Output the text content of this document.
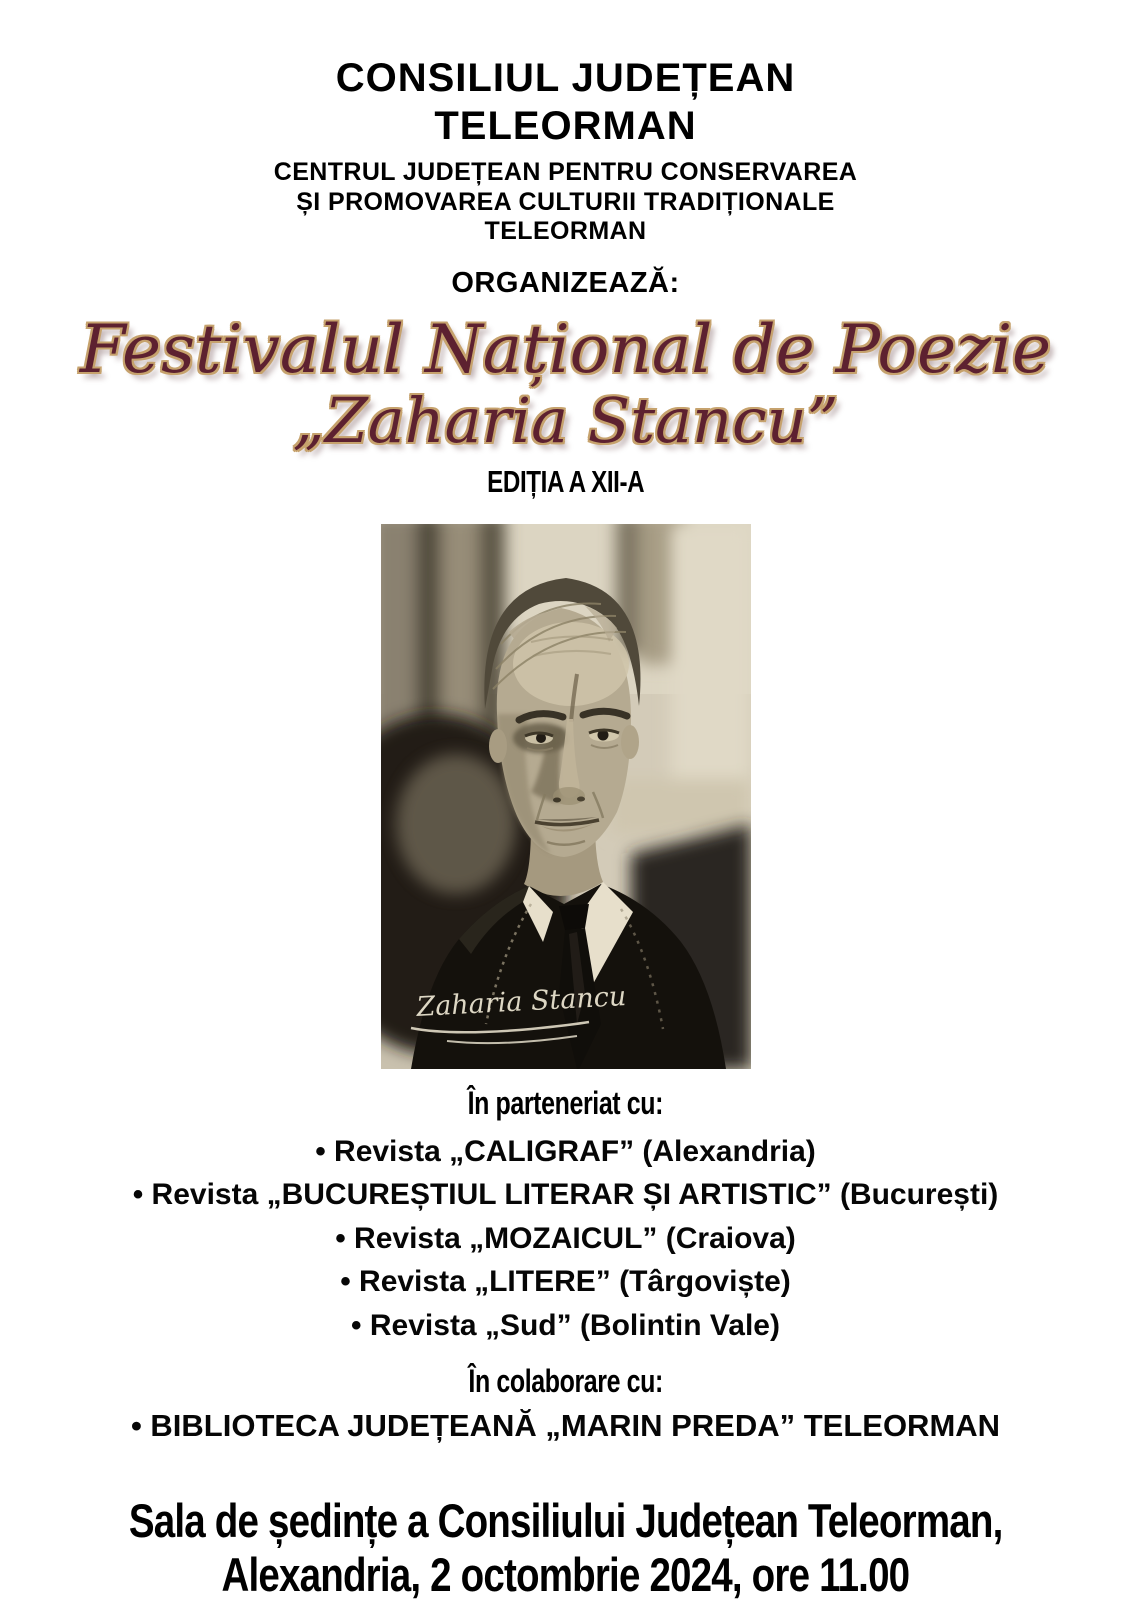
CONSILIUL JUDEȚEAN
TELEORMAN
CENTRUL JUDEȚEAN PENTRU CONSERVAREA
ȘI PROMOVAREA CULTURII TRADIȚIONALE
TELEORMAN
ORGANIZEAZĂ:
Festivalul Național de Poezie
„Zaharia Stancu”
EDIȚIA A XII-A
Zaharia Stancu
În parteneriat cu:
• Revista „CALIGRAF” (Alexandria)
• Revista „BUCUREȘTIUL LITERAR ȘI ARTISTIC” (București)
• Revista „MOZAICUL” (Craiova)
• Revista „LITERE” (Târgoviște)
• Revista „Sud” (Bolintin Vale)
În colaborare cu:
• BIBLIOTECA JUDEȚEANĂ „MARIN PREDA” TELEORMAN
Sala de ședințe a Consiliului Județean Teleorman,
Alexandria, 2 octombrie 2024, ore 11.00
